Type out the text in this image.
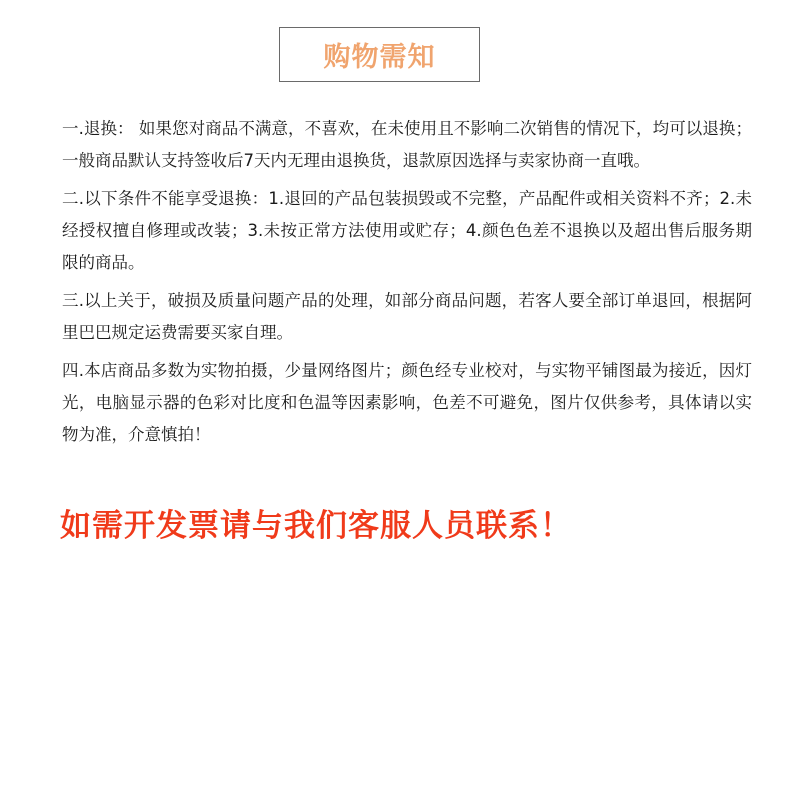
购物需知

一.退换： 如果您对商品不满意，不喜欢，在未使用且不影响二次销售的情况下，均可以退换；一般商品默认支持签收后7天内无理由退换货，退款原因选择与卖家协商一直哦。

二.以下条件不能享受退换：1.退回的产品包装损毁或不完整，产品配件或相关资料不齐；2.未经授权擅自修理或改装；3.未按正常方法使用或贮存；4.颜色色差不退换以及超出售后服务期限的商品。

三.以上关于，破损及质量问题产品的处理，如部分商品问题，若客人要全部订单退回，根据阿里巴巴规定运费需要买家自理。

四.本店商品多数为实物拍摄，少量网络图片；颜色经专业校对，与实物平铺图最为接近，因灯光，电脑显示器的色彩对比度和色温等因素影响，色差不可避免，图片仅供参考，具体请以实物为准，介意慎拍！

如需开发票请与我们客服人员联系！
